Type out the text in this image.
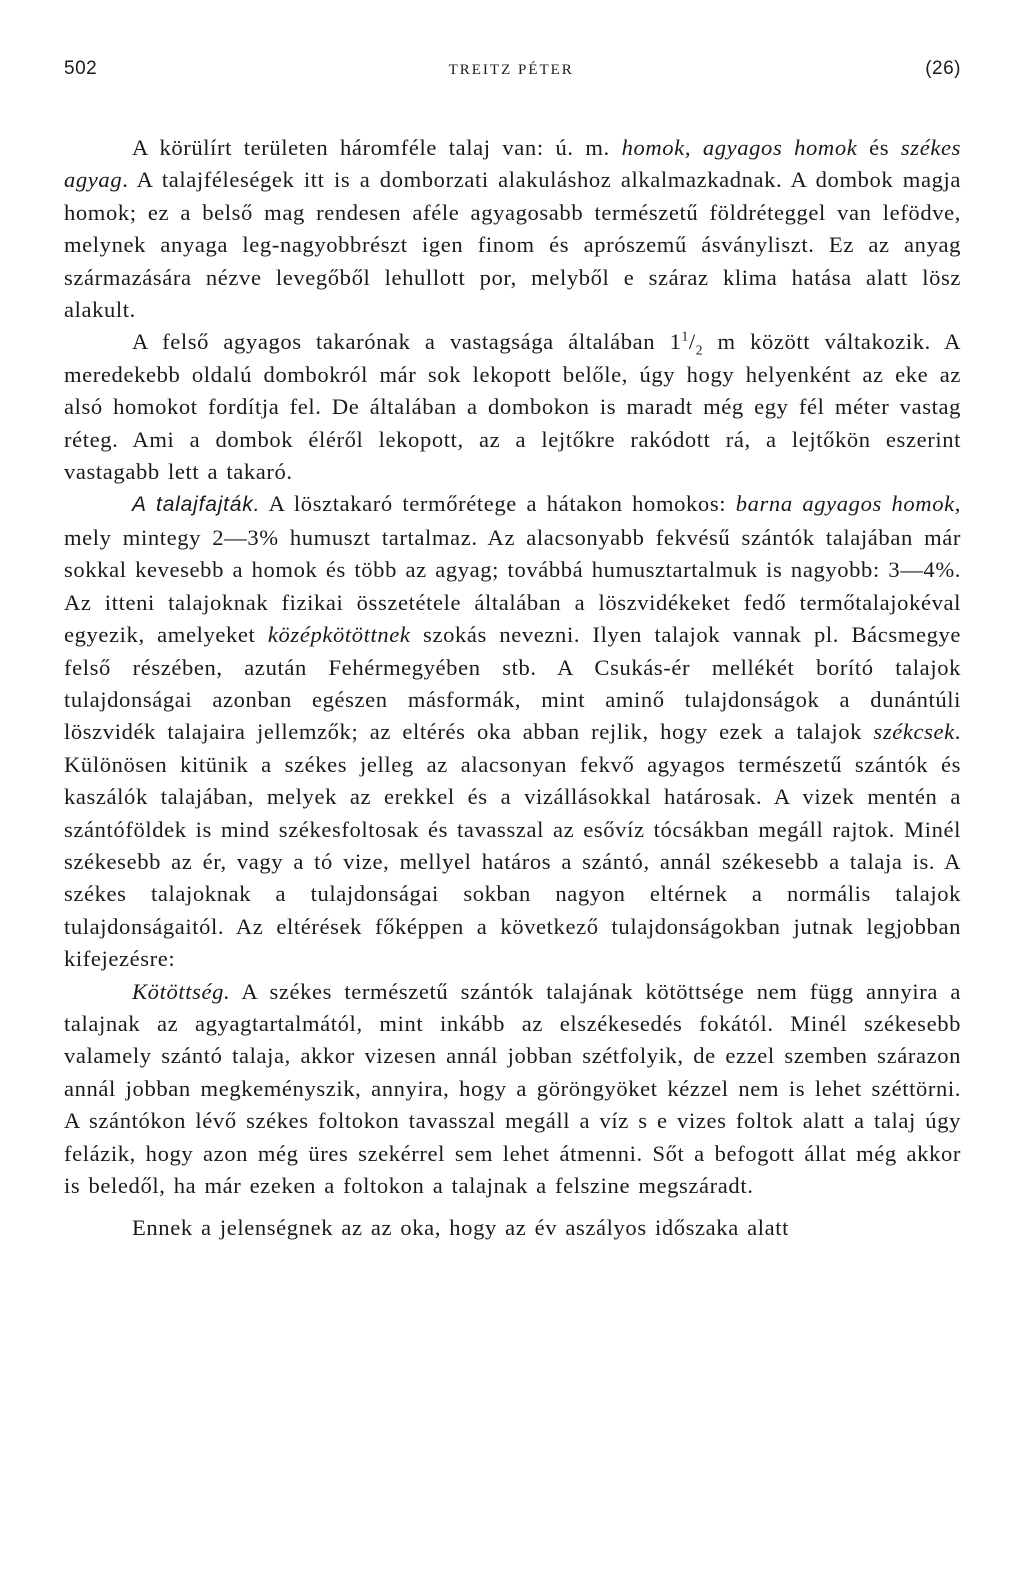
502	TREITZ PÉTER	(26)

A körülírt területen háromféle talaj van: ú. m. homok, agyagos homok és székes agyag. A talajféleségek itt is a domborzati alakuláshoz alkalmazkadnak. A dombok magja homok; ez a belső mag rendesen aféle agyagosabb természetű földréteggel van lefödve, melynek anyaga leg-nagyobbrészt igen finom és aprószemű ásványliszt. Ez az anyag származására nézve levegőből lehullott por, melyből e száraz klima hatása alatt lösz alakult.

A felső agyagos takarónak a vastagsága általában $1^1/_2$ m között váltakozik. A meredekebb oldalú dombokról már sok lekopott belőle, úgy hogy helyenként az eke az alsó homokot fordítja fel. De általában a dombokon is maradt még egy fél méter vastag réteg. Ami a dombok éléről lekopott, az a lejtőkre rakódott rá, a lejtőkön eszerint vastagabb lett a takaró.

A talajfajták. A lösztakaró termőrétege a hátakon homokos: barna agyagos homok, mely mintegy 2—3% humuszt tartalmaz. Az alacsonyabb fekvésű szántók talajában már sokkal kevesebb a homok és több az agyag; továbbá humusztartalmuk is nagyobb: 3—4%. Az itteni talajoknak fizikai összetétele általában a löszvidékeket fedő termőtalajokéval egyezik, amelyeket középkötöttnek szokás nevezni. Ilyen talajok vannak pl. Bácsmegye felső részében, azután Fehérmegyében stb. A Csukás-ér mellékét borító talajok tulajdonságai azonban egészen másformák, mint aminő tulajdonságok a dunántúli löszvidék talajaira jellemzők; az eltérés oka abban rejlik, hogy ezek a talajok székcsek. Különösen kitünik a székes jelleg az alacsonyan fekvő agyagos természetű szántók és kaszálók talajában, melyek az erekkel és a vizállásokkal határosak. A vizek mentén a szántóföldek is mind székesfoltosak és tavasszal az esővíz tócsákban megáll rajtok. Minél székesebb az ér, vagy a tó vize, mellyel határos a szántó, annál székesebb a talaja is. A székes talajoknak a tulajdonságai sokban nagyon eltérnek a normális talajok tulajdonságaitól. Az eltérések főképpen a következő tulajdonságokban jutnak legjobban kifejezésre:

Kötöttség. A székes természetű szántók talajának kötöttsége nem függ annyira a talajnak az agyagtartalmától, mint inkább az elszékesedés fokától. Minél székesebb valamely szántó talaja, akkor vizesen annál jobban szétfolyik, de ezzel szemben szárazon annál jobban megkeményszik, annyira, hogy a göröngyöket kézzel nem is lehet széttörni. A szántókon lévő székes foltokon tavasszal megáll a víz s e vizes foltok alatt a talaj úgy felázik, hogy azon még üres szekérrel sem lehet átmenni. Sőt a befogott állat még akkor is beledől, ha már ezeken a foltokon a talajnak a felszine megszáradt.

Ennek a jelenségnek az az oka, hogy az év aszályos időszaka alatt
